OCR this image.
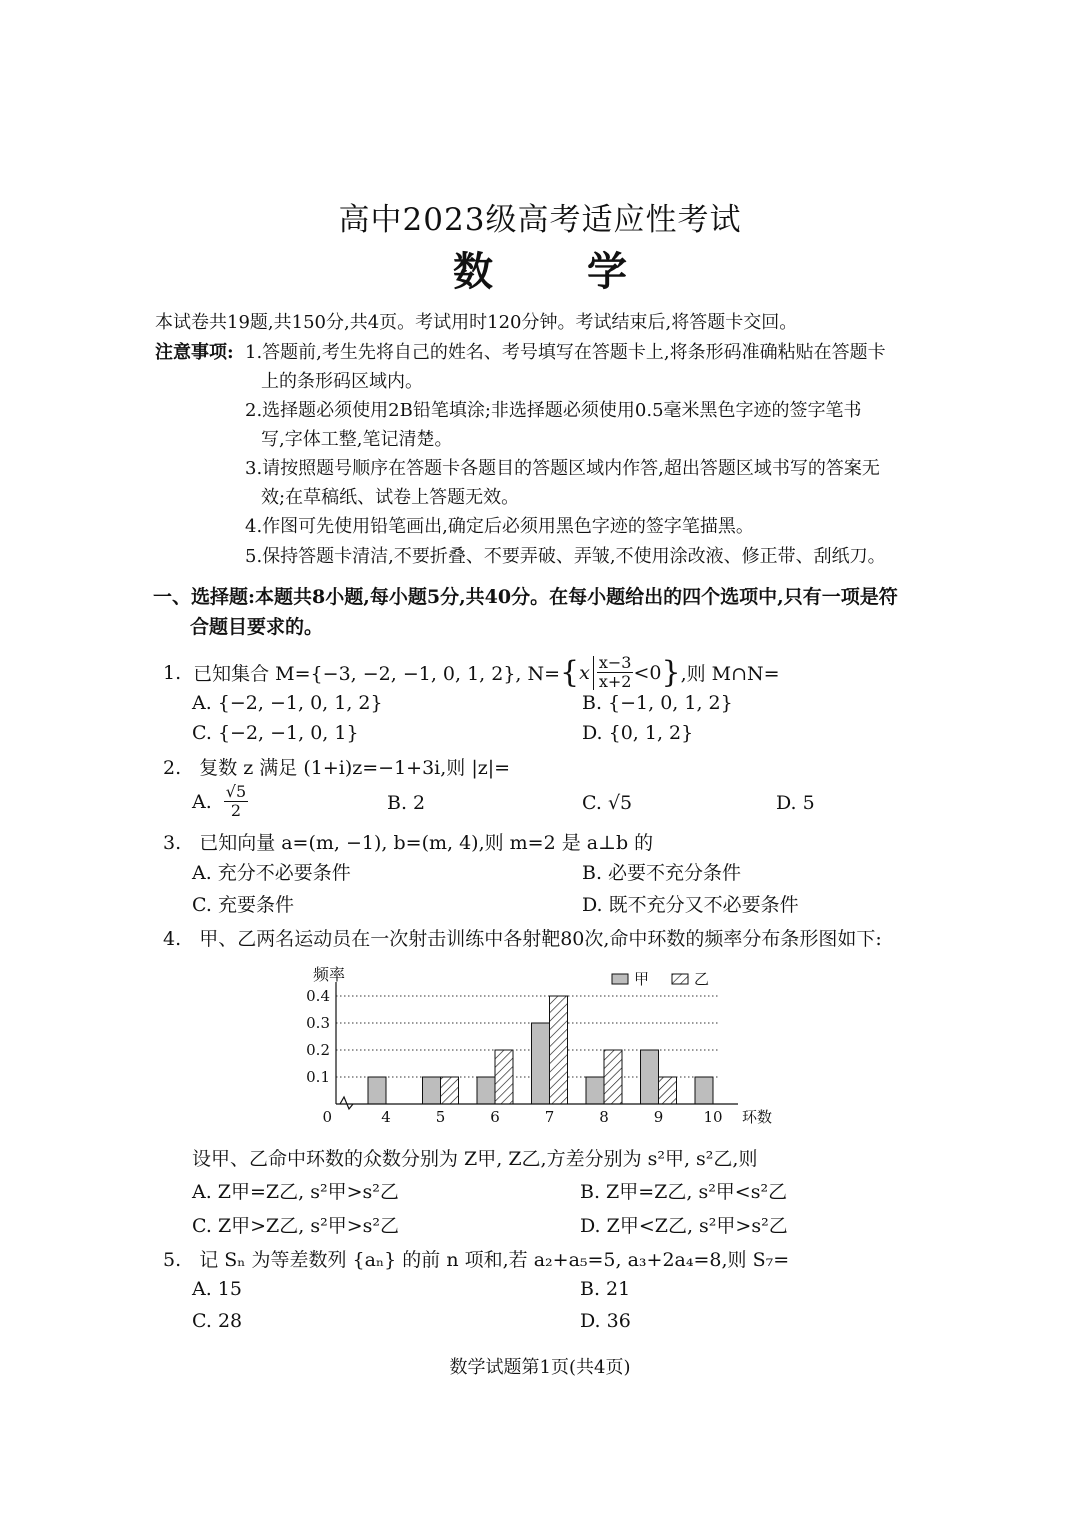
高中2023级高考适应性考试
数 学
本试卷共19题,共150分,共4页。考试用时120分钟。考试结束后,将答题卡交回。
注意事项: 1.答题前,考生先将自己的姓名、考号填写在答题卡上,将条形码准确粘贴在答题卡
上的条形码区域内。
2.选择题必须使用2B铅笔填涂;非选择题必须使用0.5毫米黑色字迹的签字笔书
写,字体工整,笔记清楚。
3.请按照题号顺序在答题卡各题目的答题区域内作答,超出答题区域书写的答案无
效;在草稿纸、试卷上答题无效。
4.作图可先使用铅笔画出,确定后必须用黑色字迹的签字笔描黑。
5.保持答题卡清洁,不要折叠、不要弄破、弄皱,不使用涂改液、修正带、刮纸刀。
一、选择题:本题共8小题,每小题5分,共40分。在每小题给出的四个选项中,只有一项是符
合题目要求的。
1. 已知集合 M={−3, −2, −1, 0, 1, 2}, N= { x $\frac{x-3}{x+2} <0$ } ,则 M∩N=
A. {−2, −1, 0, 1, 2}	B. {−1, 0, 1, 2}
C. {−2, −1, 0, 1}	D. {0, 1, 2}
2. 复数 z 满足 (1+i)z=−1+3i,则 |z|=
A. $\frac{√5}{2}$	B. 2	C. √5	D. 5
3. 已知向量 a=(m, −1), b=(m, 4),则 m=2 是 a⊥b 的
A. 充分不必要条件	B. 必要不充分条件
C. 充要条件	D. 既不充分又不必要条件
4. 甲、乙两名运动员在一次射击训练中各射靶80次,命中环数的频率分布条形图如下:
0.1
0.2
0.3
0.4
4	5	6	7	8	9	10
频率
0	环数
甲	乙
设甲、乙命中环数的众数分别为 Z甲, Z乙,方差分别为 s²甲, s²乙,则
A. Z甲=Z乙, s²甲>s²乙	B. Z甲=Z乙, s²甲<s²乙
C. Z甲>Z乙, s²甲>s²乙	D. Z甲<Z乙, s²甲>s²乙
5. 记 Sₙ 为等差数列 {aₙ} 的前 n 项和,若 a₂+a₅=5, a₃+2a₄=8,则 S₇=
A. 15	B. 21
C. 28	D. 36
数学试题第1页(共4页)
